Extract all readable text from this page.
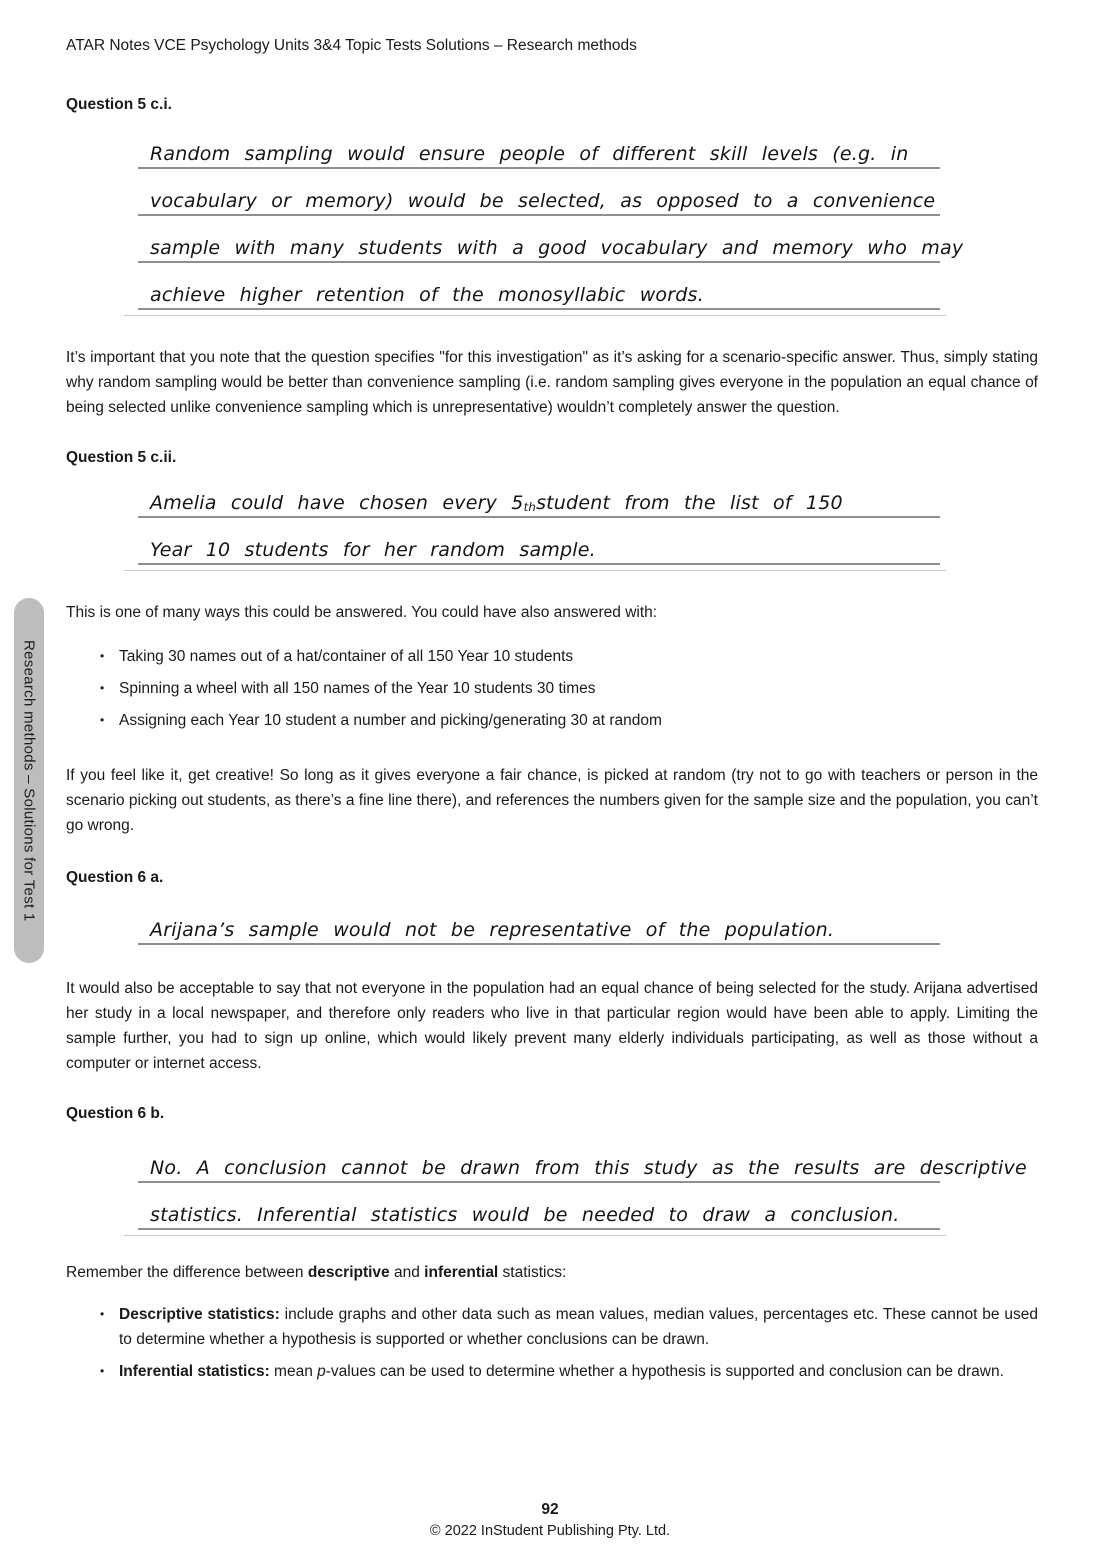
Research methods – Solutions for Test 1
ATAR Notes VCE Psychology Units 3&4 Topic Tests Solutions – Research methods
Question 5 c.i.
Random sampling would ensure people of different skill levels (e.g. in
vocabulary or memory) would be selected, as opposed to a convenience
sample with many students with a good vocabulary and memory who may
achieve higher retention of the monosyllabic words.

It’s important that you note that the question specifies "for this investigation" as it’s asking for a scenario-specific answer. Thus, simply stating why random sampling would be better than convenience sampling (i.e. random sampling gives everyone in the population an equal chance of being selected unlike convenience sampling which is unrepresentative) wouldn’t completely answer the question.

Question 5 c.ii.
Amelia could have chosen every $5_{th}$ student from the list of 150
Year 10 students for her random sample.

This is one of many ways this could be answered. You could have also answered with:

• Taking 30 names out of a hat/container of all 150 Year 10 students
• Spinning a wheel with all 150 names of the Year 10 students 30 times
• Assigning each Year 10 student a number and picking/generating 30 at random

If you feel like it, get creative! So long as it gives everyone a fair chance, is picked at random (try not to go with teachers or person in the scenario picking out students, as there’s a fine line there), and references the numbers given for the sample size and the population, you can’t go wrong.

Question 6 a.
Arijana’s sample would not be representative of the population.

It would also be acceptable to say that not everyone in the population had an equal chance of being selected for the study. Arijana advertised her study in a local newspaper, and therefore only readers who live in that particular region would have been able to apply. Limiting the sample further, you had to sign up online, which would likely prevent many elderly individuals participating, as well as those without a computer or internet access.

Question 6 b.
No. A conclusion cannot be drawn from this study as the results are descriptive
statistics. Inferential statistics would be needed to draw a conclusion.

Remember the difference between descriptive and inferential statistics:

• Descriptive statistics: include graphs and other data such as mean values, median values, percentages etc. These cannot be used to determine whether a hypothesis is supported or whether conclusions can be drawn.
• Inferential statistics: mean p-values can be used to determine whether a hypothesis is supported and conclusion can be drawn.
92
© 2022 InStudent Publishing Pty. Ltd.
